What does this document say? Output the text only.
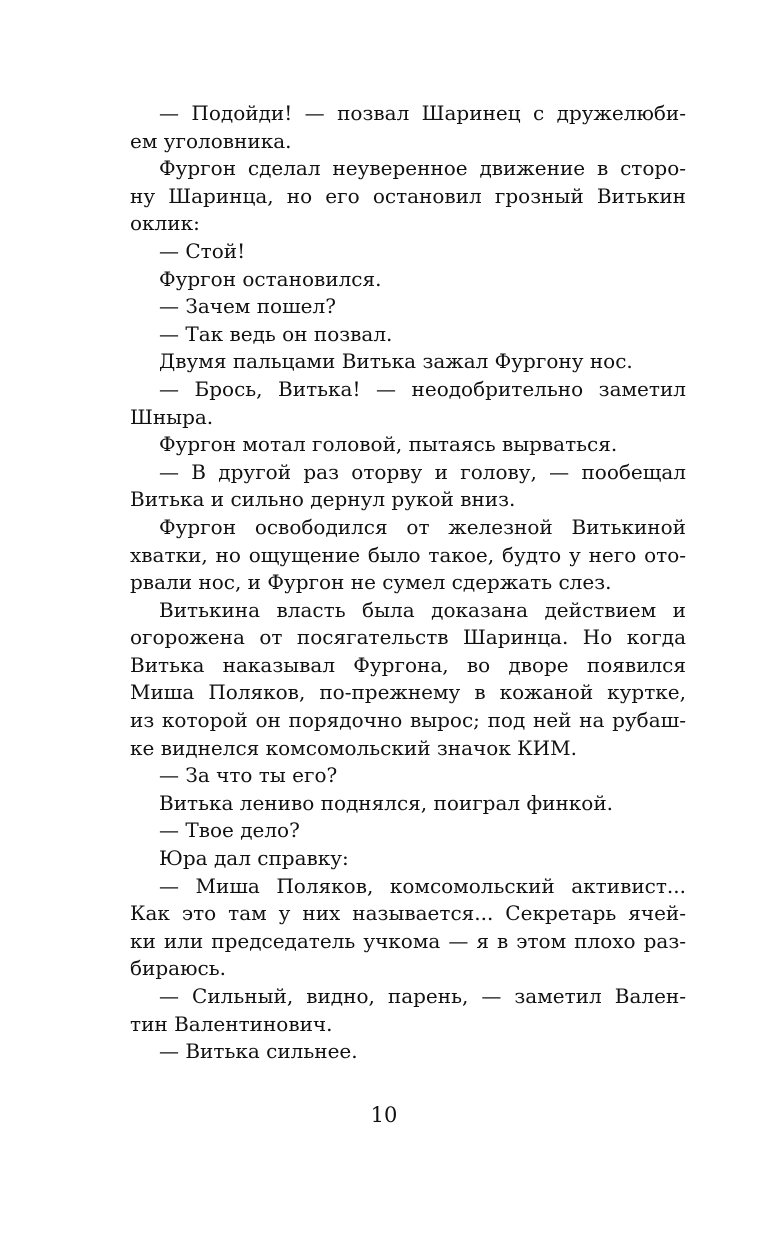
— Подойди! — позвал Шаринец с дружелюби-
ем уголовника.
Фургон сделал неуверенное движение в сторо-
ну Шаринца, но его остановил грозный Витькин
оклик:
— Стой!
Фургон остановился.
— Зачем пошел?
— Так ведь он позвал.
Двумя пальцами Витька зажал Фургону нос.
— Брось, Витька! — неодобрительно заметил
Шныра.
Фургон мотал головой, пытаясь вырваться.
— В другой раз оторву и голову, — пообещал
Витька и сильно дернул рукой вниз.
Фургон освободился от железной Витькиной
хватки, но ощущение было такое, будто у него ото-
рвали нос, и Фургон не сумел сдержать слез.
Витькина власть была доказана действием и
огорожена от посягательств Шаринца. Но когда
Витька наказывал Фургона, во дворе появился
Миша Поляков, по-прежнему в кожаной куртке,
из которой он порядочно вырос; под ней на рубаш-
ке виднелся комсомольский значок КИМ.
— За что ты его?
Витька лениво поднялся, поиграл финкой.
— Твое дело?
Юра дал справку:
— Миша Поляков, комсомольский активист...
Как это там у них называется... Секретарь ячей-
ки или председатель учкома — я в этом плохо раз-
бираюсь.
— Сильный, видно, парень, — заметил Вален-
тин Валентинович.
— Витька сильнее.
10
